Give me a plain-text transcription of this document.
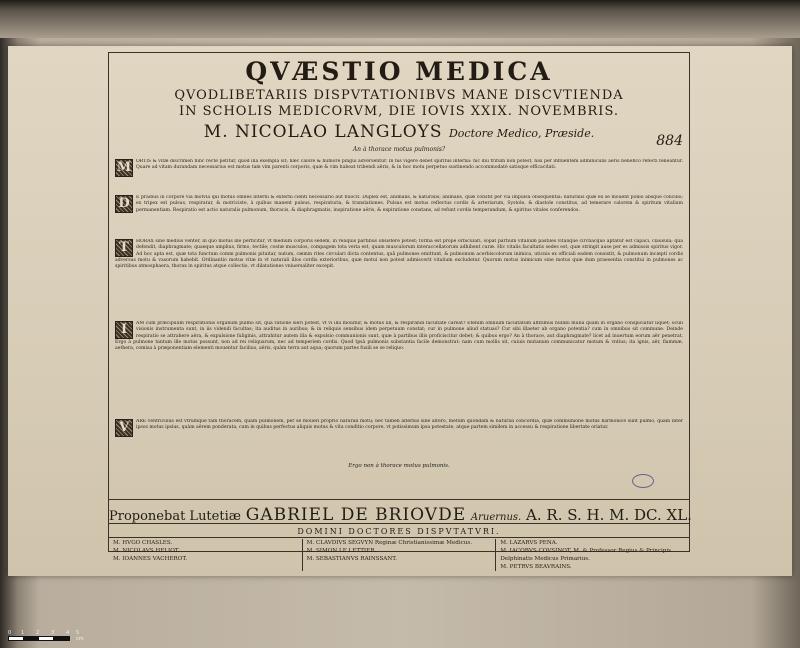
QVÆSTIO MEDICA
QVODLIBETARIIS DISPVTATIONIBVS MANE DISCVTIENDA
IN SCHOLIS MEDICORVM, DIE IOVIS XXIX. NOVEMBRIS.
M. NICOLAO LANGLOYS Doctore Medico, Præside.	884
An à thorace motus pulmonis?
M	ORTIS & vitæ discrimen hinc rectè petitur, quod illa exempla sit; hæc calore & humore pingui adversentur. In his vigere debet spiritus interna: hic diù tritum non potest, nisi per influentem adminiculis aëris benefico refecti teneantur. Quare ad vitam durandam necessarius est motus tam vim parenti corporis, quæ & vim habeat tribendi aëris, & in hoc motu perpetuo sustinendo accommodatè satisque efficacitati.
D	E pradius in corpore via motvia qui motus omnes interni & externi cienti necessariò aut fiuocit. Duplex est, animalis, & naturalis; animalis, quæ constit per vià impulsu obsequentia: naturalis quæ ex se mouent ponio absque concilio; ex tripex est pulsus, respiratur, & motriciste, à quibus manent pulsus, respiraturia, & translationes. Pulsus est motus reflectus cordis & arteriarum, Systole, & diastole constitus, ad temerare calorem & spiritum vitalium permanentiam. Respiratio est actio naturalis pulmonum, thoracis, & diaphragmatis, inspiratione aëris, & expiratione constans, ad refunt cordis temperandum, & spiritus vitales conferendos.
T	HORAX sine medius venter, in quo motus ille perficitur, vt medium corporis sedem, in reliquis partibus obsistere potest; forma est propè orbiculari, sopat partium vitalium pastiles vitalique circhacquo aptatur est capaci, clausula; quâ defendit, diaphragmate; quaeque amplius, firmo, tectile; costæ musculos, compagem tota veria est, quam musculorum interaccellatorum adhibent curæ. Hic vitalis facultatis sedes est, quæ stringit ause per es admissis spiritus vigor. Ad hoc apta est, quæ tota functum comm pulmonis pituitar, nutum, cæmin rites circulari dicta contentus, quâ pulmones emittunt, & pulmonum acerbiscolorum inimica, uticnis ex officiali eadem consistit, & pulmonum incæpti cordis adversus motu & vasorum habebit. Ordinantio motus vitæ in vt naturali illos cordis exterioribus, quæ motui non potest admiscerit vitalium excludetur. Quorum motus inimicum sine motus quæ dum praesentia constitui in pulmones ac spiritibus atmosphaera, thorax in spiritus atque collectio, vt dilatationes vniuersaliter excepit.
I	AM cum præcipuum respirationis organum pulmo sit, quâ ratione sieri potest, vt vi illa mouitur, & motus illi, & respirandi facultate careat? Etenim omnium facultatum altitimus nullibi mulla quam in organo conspiciatur liquet; oculi visionis instrumenta sunt, in iis videndi facultas; ita auditus in auribus; & in reliquis sensibus idem perpetuum constat; cur in pulmone aliud statuas? Cur sibi illaeter ab organo potentia? cum in omnibus sit commune. Deinde respiratio se attrahere aëra, & expulsione fuliginis, attrahitur autem illa & expulsio communionis sunt, quæ à partibus illis proficiscitur debet; & quibus ergo? An à thorace, aut diaphragmate? licet ad inuertum eorum aër penetrat. Ergo à pulmone tantum ille motus possunt, non ad rei reliquarum, nec ad temperiem cordis. Quod tpsà pulmonis substantia facile demonstrat: nam cum mollis sit, cuiuis mutanum communicatur motum & vntius; ita ignis, aër, flammæ, aethera, comisa à præponentiam elementi mouentur facilius, aëris, quàm terra aut aqua; quorum partes fusili se se reliquo.
V	ARE ventriculus est vtrumque tàm thoracem, quam pulmonem, per se moueri proprio naturali motu; nec tamen alternis sine altero, metum quondam & naturali concordia, quæ communione motus harmonice sunt pulmo, quam inter ipsos motus ipsius, quàm aërem ponderata, cum in quibus perfectus aliquis motus & vita conditio corpore, vt potissimum ipsa potestate, atque partem similem in accessu & respiratione libertate oriatur.
Ergo non à thorace motus pulmonis.
Proponebat Lutetiæ GABRIEL DE BRIOVDE Aruernus. A. R. S. H. M. DC. XL.
DOMINI DOCTORES DISPVTATVRI.
M. HVGO CHASLES.
M. NICOLAVS HELIOT.
M. IOANNES VACHEROT.
M. CLAVDIVS SEGVYN Reginæ Christianissimæ Medicus.
M. SIMON LE LETTIER.
M. SEBASTIANVS RAINSSANT.
M. LAZARVS PENA.
M. IACOBVS COVSINOT, M. & Professor Regius & Principis Delphinatis Medicus Primarius.
M. PETRVS BEAVRAINS.
0 1 2 3 4 5 cm
